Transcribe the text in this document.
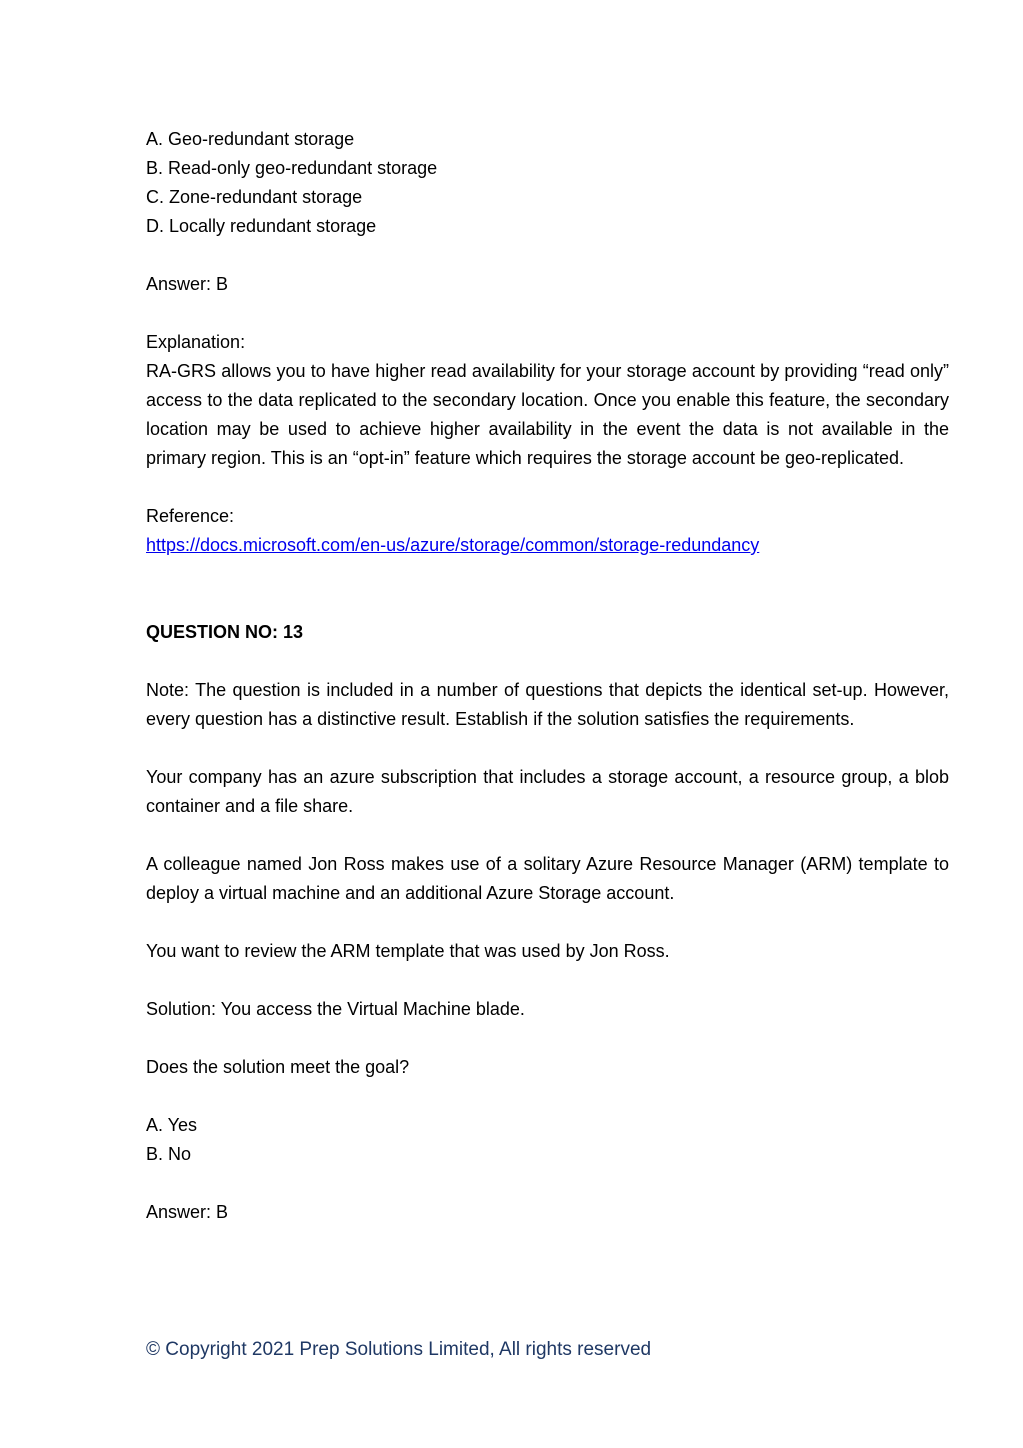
A. Geo-redundant storage
B. Read-only geo-redundant storage
C. Zone-redundant storage
D. Locally redundant storage
Answer: B
Explanation:

RA-GRS allows you to have higher read availability for your storage account by providing “read only” access to the data replicated to the secondary location. Once you enable this feature, the secondary location may be used to achieve higher availability in the event the data is not available in the primary region. This is an “opt-in” feature which requires the storage account be geo-replicated.

Reference:
https://docs.microsoft.com/en-us/azure/storage/common/storage-redundancy
QUESTION NO: 13

Note: The question is included in a number of questions that depicts the identical set-up. However, every question has a distinctive result. Establish if the solution satisfies the requirements.

Your company has an azure subscription that includes a storage account, a resource group, a blob container and a file share.

A colleague named Jon Ross makes use of a solitary Azure Resource Manager (ARM) template to deploy a virtual machine and an additional Azure Storage account.

You want to review the ARM template that was used by Jon Ross.

Solution: You access the Virtual Machine blade.
Does the solution meet the goal?
A. Yes
B. No
Answer: B
© Copyright 2021 Prep Solutions Limited, All rights reserved
